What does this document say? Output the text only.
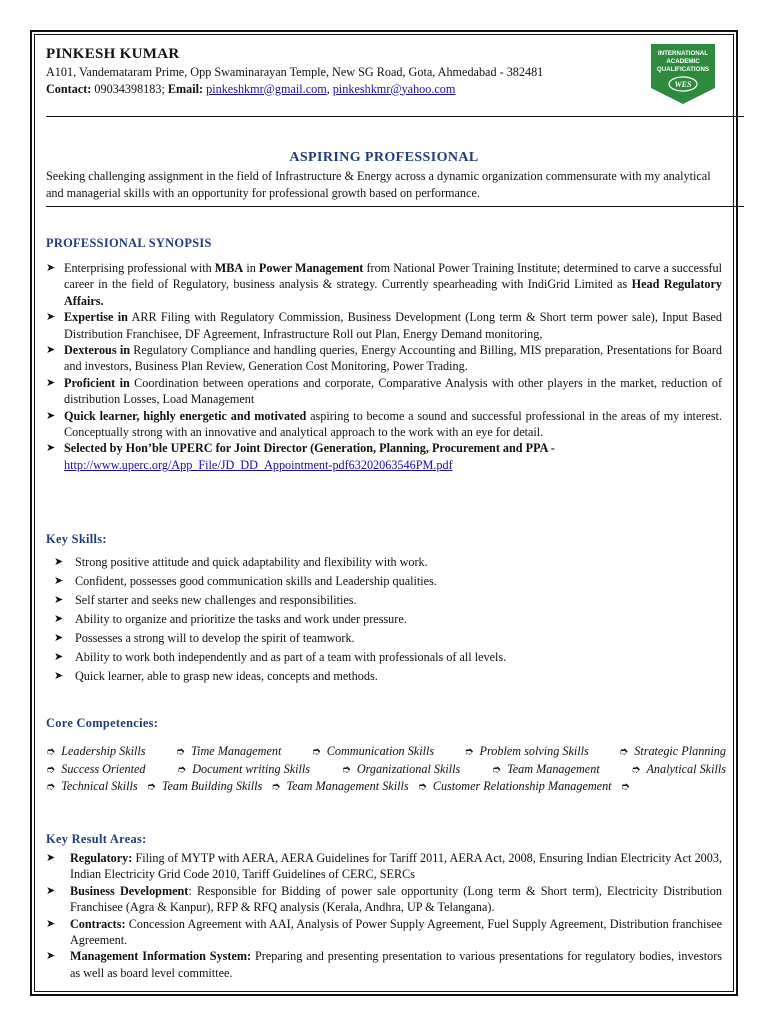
PINKESH KUMAR
A101, Vandemataram Prime, Opp Swaminarayan Temple, New SG Road, Gota, Ahmedabad - 382481
Contact: 09034398183; Email: pinkeshkmr@gmail.com, pinkeshkmr@yahoo.com
INTERNATIONAL
ACADEMIC
QUALIFICATIONS
WES
ASPIRING PROFESSIONAL
Seeking challenging assignment in the field of Infrastructure & Energy across a dynamic organization commensurate with my analytical and managerial skills with an opportunity for professional growth based on performance.
PROFESSIONAL SYNOPSIS
➤ Enterprising professional with MBA in Power Management from National Power Training Institute; determined to carve a successful career in the field of Regulatory, business analysis & strategy. Currently spearheading with IndiGrid Limited as Head Regulatory Affairs.
➤ Expertise in ARR Filing with Regulatory Commission, Business Development (Long term & Short term power sale), Input Based Distribution Franchisee, DF Agreement, Infrastructure Roll out Plan, Energy Demand monitoring,
➤ Dexterous in Regulatory Compliance and handling queries, Energy Accounting and Billing, MIS preparation, Presentations for Board and investors, Business Plan Review, Generation Cost Monitoring, Power Trading.
➤ Proficient in Coordination between operations and corporate, Comparative Analysis with other players in the market, reduction of distribution Losses, Load Management
➤ Quick learner, highly energetic and motivated aspiring to become a sound and successful professional in the areas of my interest. Conceptually strong with an innovative and analytical approach to the work with an eye for detail.
➤ Selected by Hon’ble UPERC for Joint Director (Generation, Planning, Procurement and PPA -
http://www.uperc.org/App_File/JD_DD_Appointment-pdf63202063546PM.pdf
Key Skills:
➤ Strong positive attitude and quick adaptability and flexibility with work.
➤ Confident, possesses good communication skills and Leadership qualities.
➤ Self starter and seeks new challenges and responsibilities.
➤ Ability to organize and prioritize the tasks and work under pressure.
➤ Possesses a strong will to develop the spirit of teamwork.
➤ Ability to work both independently and as part of a team with professionals of all levels.
➤ Quick learner, able to grasp new ideas, concepts and methods.
Core Competencies:
➮ Leadership Skills	➮ Time Management	➮ Communication Skills	➮ Problem solving Skills	➮ Strategic Planning
➮ Success Oriented	➮ Document writing Skills	➮ Organizational Skills	➮ Team Management	➮ Analytical Skills
➮ Technical Skills ➮ Team Building Skills ➮ Team Management Skills ➮ Customer Relationship Management ➮
Key Result Areas:
➤ Regulatory: Filing of MYTP with AERA, AERA Guidelines for Tariff 2011, AERA Act, 2008, Ensuring Indian Electricity Act 2003, Indian Electricity Grid Code 2010, Tariff Guidelines of CERC, SERCs
➤ Business Development: Responsible for Bidding of power sale opportunity (Long term & Short term), Electricity Distribution Franchisee (Agra & Kanpur), RFP & RFQ analysis (Kerala, Andhra, UP & Telangana).
➤ Contracts: Concession Agreement with AAI, Analysis of Power Supply Agreement, Fuel Supply Agreement, Distribution franchisee Agreement.
➤ Management Information System: Preparing and presenting presentation to various presentations for regulatory bodies, investors as well as board level committee.
